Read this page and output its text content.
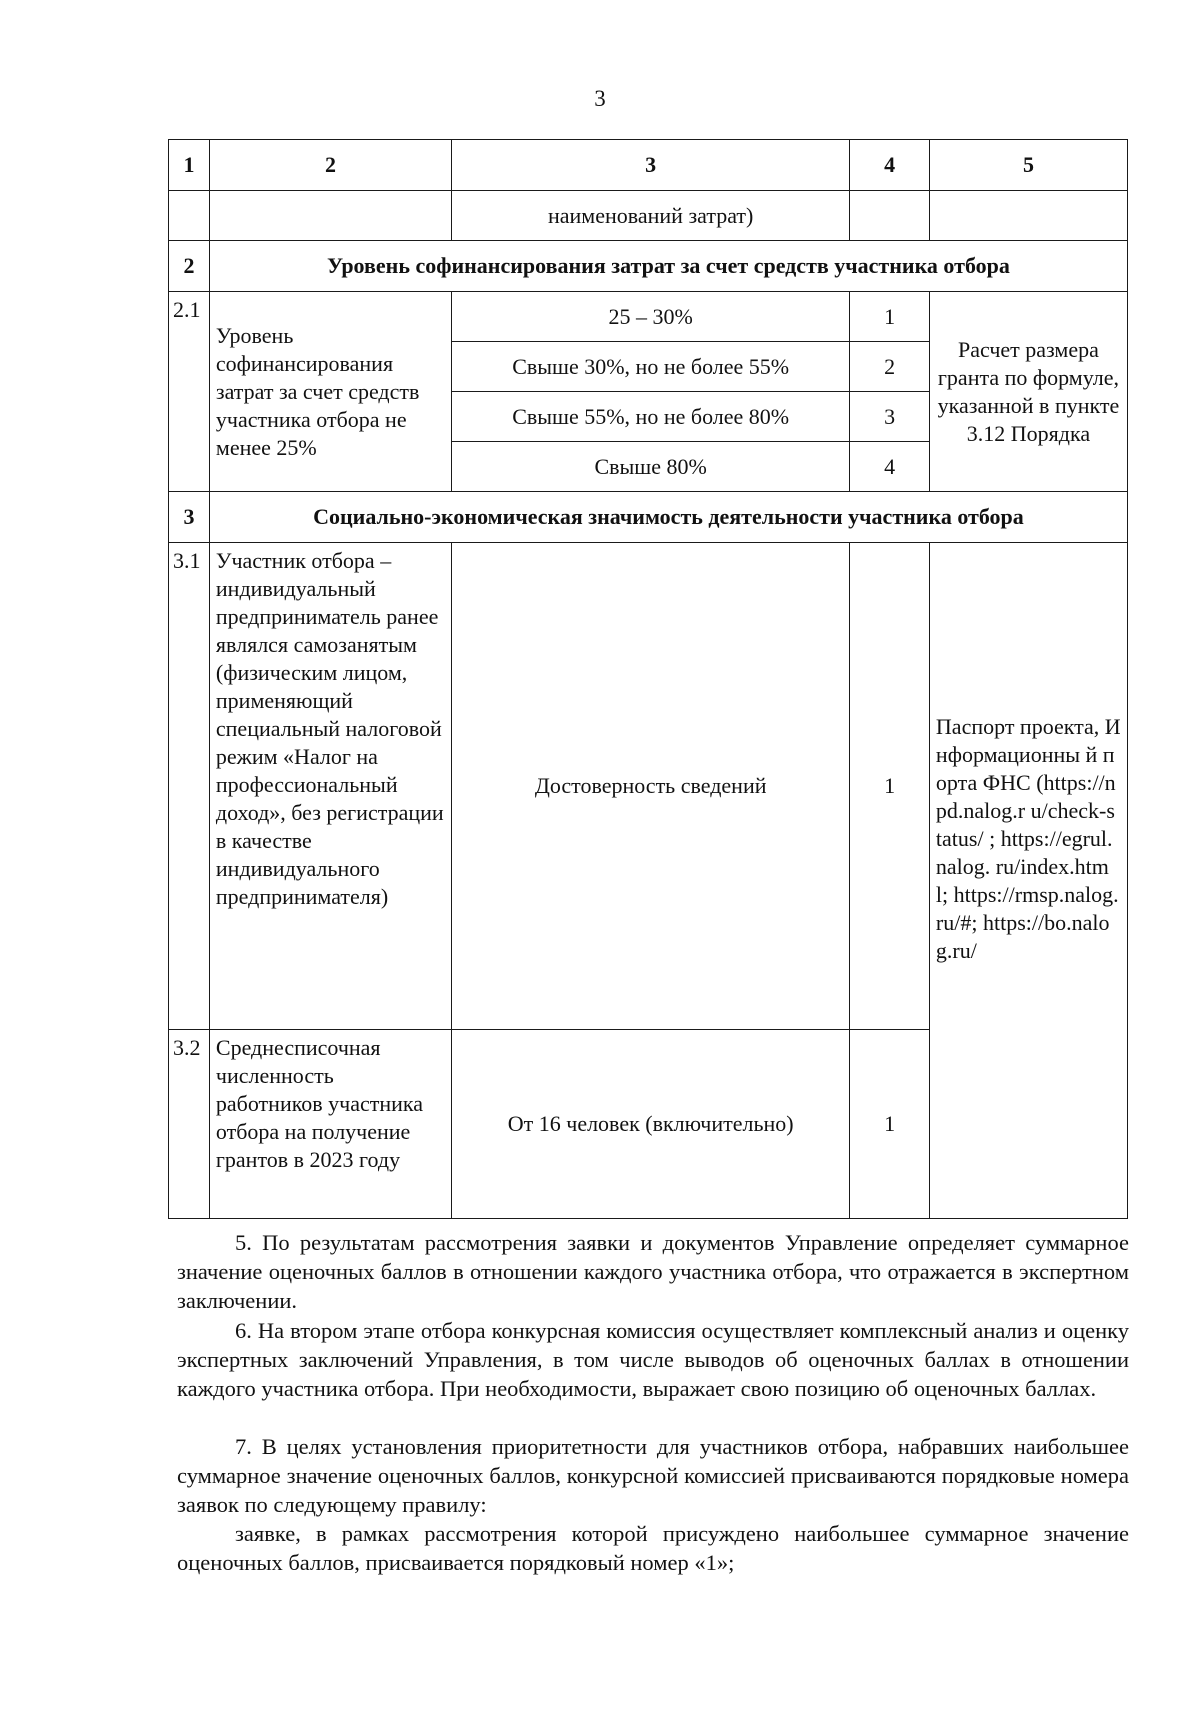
3
1	2	3	4	5
		наименований затрат)		
2	Уровень софинансирования затрат за счет средств участника отбора			
2.1	Уровень софинансирования затрат за счет средств участника отбора не менее 25%	25 – 30%	1	Расчет размера гранта по формуле, указанной в пункте 3.12 Порядка
		Свыше 30%, но не более 55%	2	
		Свыше 55%, но не более 80%	3	
		Свыше 80%	4	
3	Социально-экономическая значимость деятельности участника отбора			
3.1	Участник отбора – индивидуальный предприниматель ранее являлся самозанятым (физическим лицом, применяющий специальный налоговой режим «Налог на профессиональный доход», без регистрации в качестве индивидуального предпринимателя)	Достоверность сведений	1	Паспорт проекта, Информационны й порта ФНС (https://npd.nalog.r u/check-status/ ; https://egrul.nalog. ru/index.html; https://rmsp.nalog. ru/#; https://bo.nalog.ru/
3.2	Среднесписочная численность работников участника отбора на получение грантов в 2023 году	От 16 человек (включительно)	1	

5. По результатам рассмотрения заявки и документов Управление определяет суммарное значение оценочных баллов в отношении каждого участника отбора, что отражается в экспертном заключении.

6. На втором этапе отбора конкурсная комиссия осуществляет комплексный анализ и оценку экспертных заключений Управления, в том числе выводов об оценочных баллах в отношении каждого участника отбора. При необходимости, выражает свою позицию об оценочных баллах.

7. В целях установления приоритетности для участников отбора, набравших наибольшее суммарное значение оценочных баллов, конкурсной комиссией присваиваются порядковые номера заявок по следующему правилу:

заявке, в рамках рассмотрения которой присуждено наибольшее суммарное значение оценочных баллов, присваивается порядковый номер «1»;
